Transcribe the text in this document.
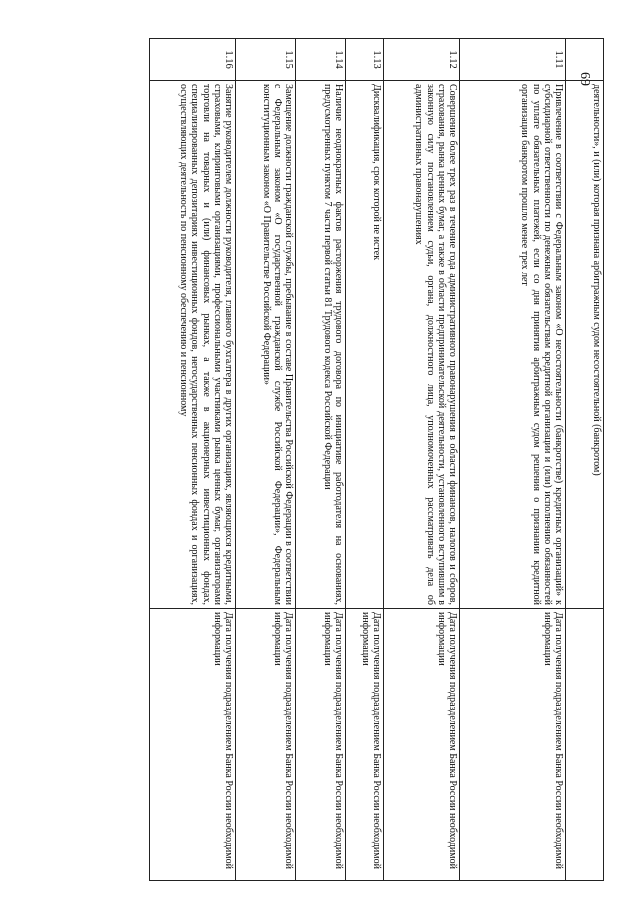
69
	деятельности», и (или) которая признана арбитражным судом несостоятельной (банкротом)	
1.11	Привлечение в соответствии с Федеральным законом «О несостоятельности (банкротстве) кредитных организаций» к субсидиарной ответственности по денежным обязательствам кредитной организации и (или) исполнению обязанностей по уплате обязательных платежей, если со дня принятия арбитражным судом решения о признании кредитной организации банкротом прошло менее трех лет	Дата получения подразделением Банка России необходимой информации
1.12	Совершение более трех раз в течение года административного правонарушения в области финансов, налогов и сборов, страхования, рынка ценных бумаг, а также в области предпринимательской деятельности, установленного вступившим в законную силу постановлением судьи, органа, должностного лица, уполномоченных рассматривать дела об административных правонарушениях	Дата получения подразделением Банка России необходимой информации
1.13	Дисквалификация, срок которой не истек	Дата получения подразделением Банка России необходимой информации
1.14	Наличие неоднократных фактов расторжения трудового договора по инициативе работодателя на основаниях, предусмотренных пунктом 7 части первой статьи 81 Трудового кодекса Российской Федерации	Дата получения подразделением Банка России необходимой информации
1.15	Замещение должности гражданской службы, пребывание в составе Правительства Российской Федерации в соответствии с Федеральным законом «О государственной гражданской службе Российской Федерации», Федеральным конституционным законом «О Правительстве Российской Федерации»	Дата получения подразделением Банка России необходимой информации
1.16	Занятие руководителем должности руководителя, главного бухгалтера в других организациях, являющихся кредитными, страховыми, клиринговыми организациями, профессиональными участниками рынка ценных бумаг, организаторами торговли на товарных и (или) финансовых рынках, а также в акционерных инвестиционных фондах, специализированных депозитариях инвестиционных фондов, негосударственных пенсионных фондах и организациях, осуществляющих деятельность по пенсионному обеспечению и пенсионному	Дата получения подразделением Банка России необходимой информации
